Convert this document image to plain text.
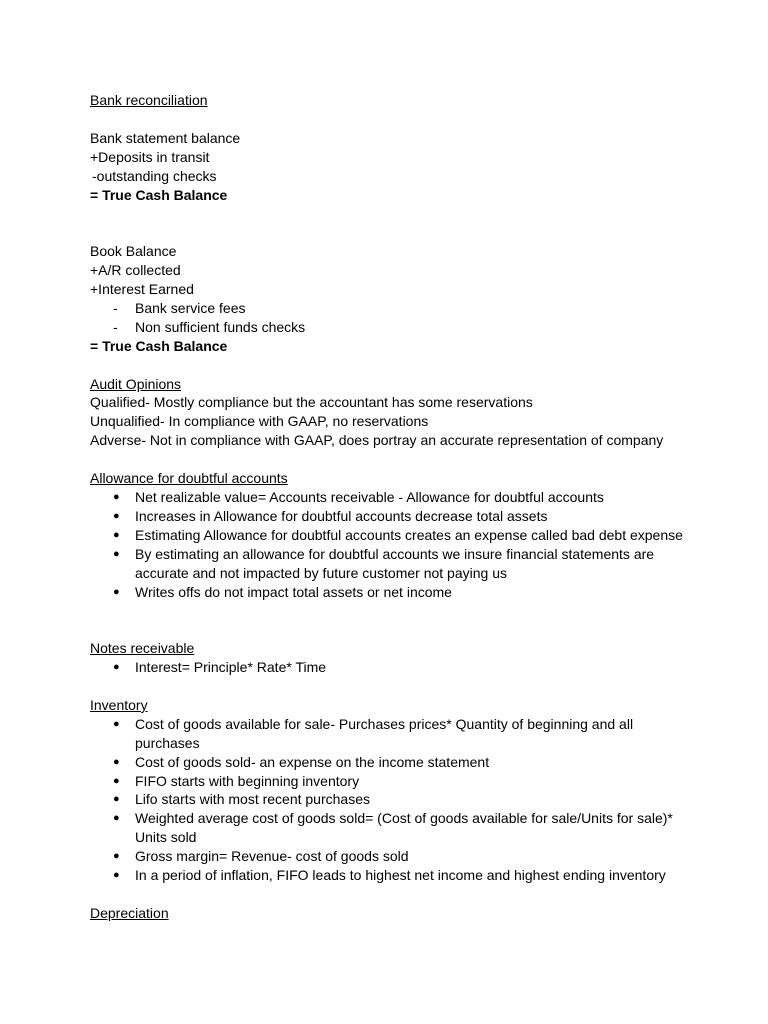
Bank reconciliation

Bank statement balance

+Deposits in transit

-outstanding checks

= True Cash Balance

Book Balance

+A/R collected

+Interest Earned

- Bank service fees
- Non sufficient funds checks

= True Cash Balance

Audit Opinions

Qualified- Mostly compliance but the accountant has some reservations

Unqualified- In compliance with GAAP, no reservations

Adverse- Not in compliance with GAAP, does portray an accurate representation of company

Allowance for doubtful accounts

● Net realizable value= Accounts receivable - Allowance for doubtful accounts
● Increases in Allowance for doubtful accounts decrease total assets
● Estimating Allowance for doubtful accounts creates an expense called bad debt expense
● By estimating an allowance for doubtful accounts we insure financial statements are accurate and not impacted by future customer not paying us
● Writes offs do not impact total assets or net income

Notes receivable

● Interest= Principle* Rate* Time

Inventory

● Cost of goods available for sale- Purchases prices* Quantity of beginning and all purchases
● Cost of goods sold- an expense on the income statement
● FIFO starts with beginning inventory
● Lifo starts with most recent purchases
● Weighted average cost of goods sold= (Cost of goods available for sale/Units for sale)* Units sold
● Gross margin= Revenue- cost of goods sold
● In a period of inflation, FIFO leads to highest net income and highest ending inventory

Depreciation
